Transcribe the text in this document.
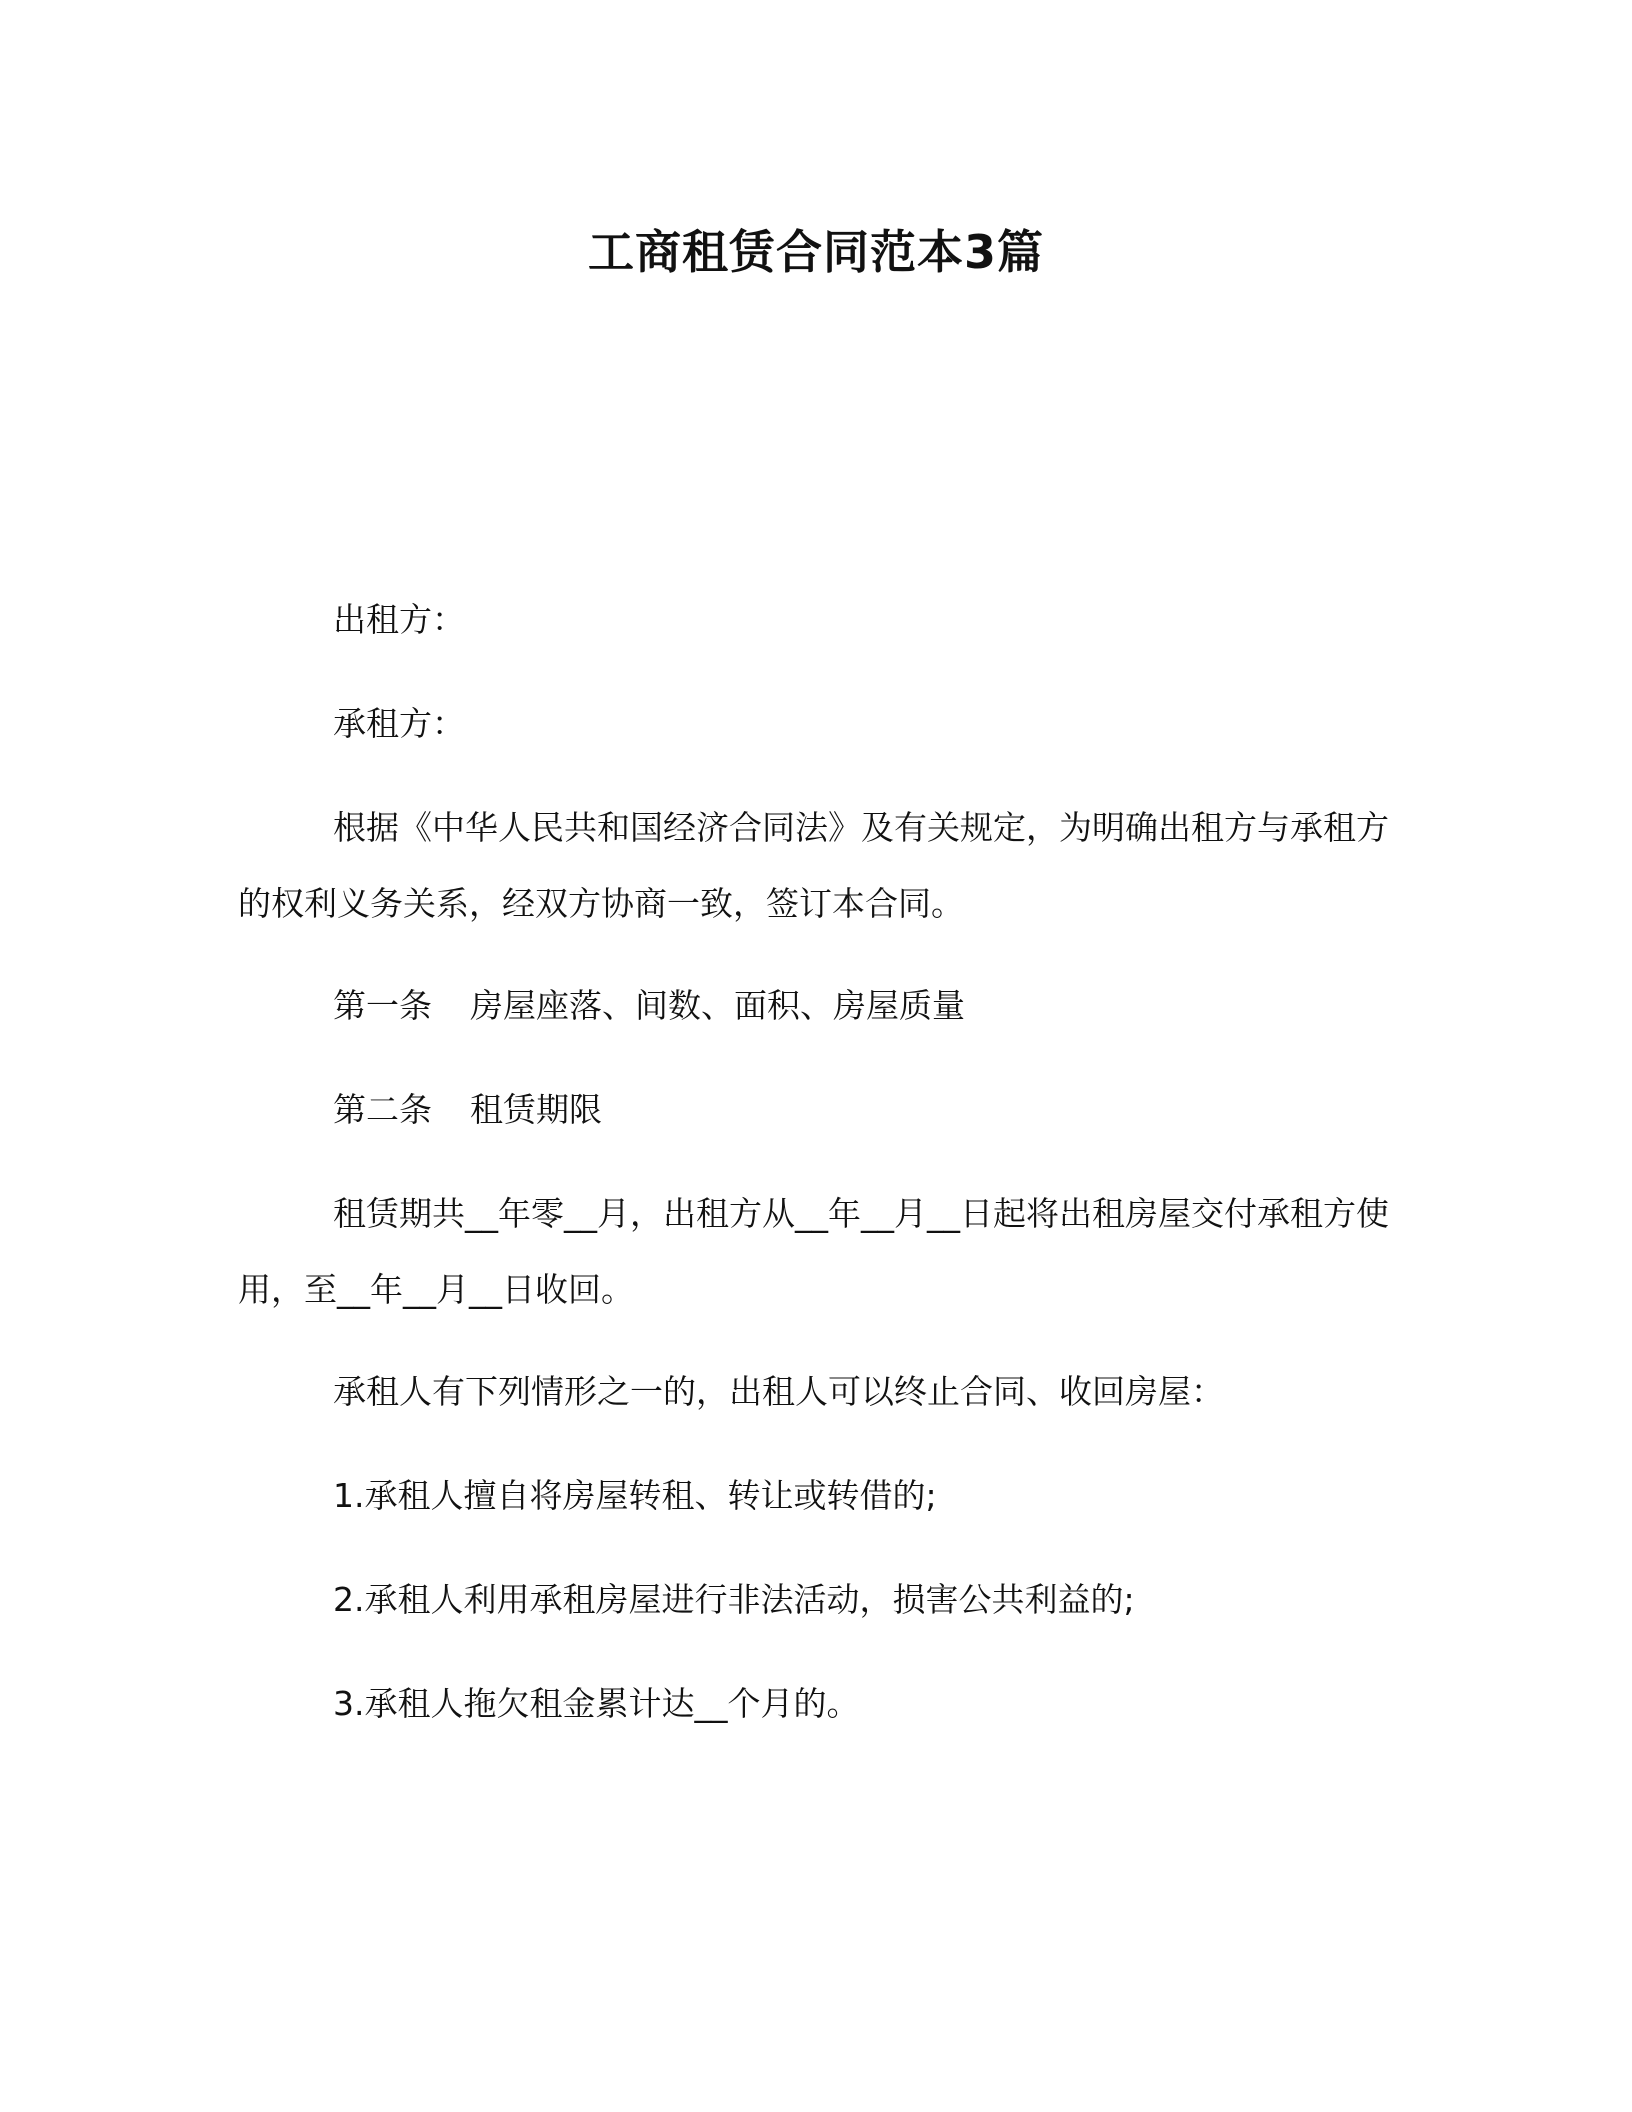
工商租赁合同范本3篇

出租方：

承租方：

根据《中华人民共和国经济合同法》及有关规定，为明确出租方与承租方的权利义务关系，经双方协商一致，签订本合同。

第一条 房屋座落、间数、面积、房屋质量

第二条 租赁期限

租赁期共__年零__月，出租方从__年__月__日起将出租房屋交付承租方使用，至__年__月__日收回。

承租人有下列情形之一的，出租人可以终止合同、收回房屋：

1.承租人擅自将房屋转租、转让或转借的;

2.承租人利用承租房屋进行非法活动，损害公共利益的;

3.承租人拖欠租金累计达__个月的。
